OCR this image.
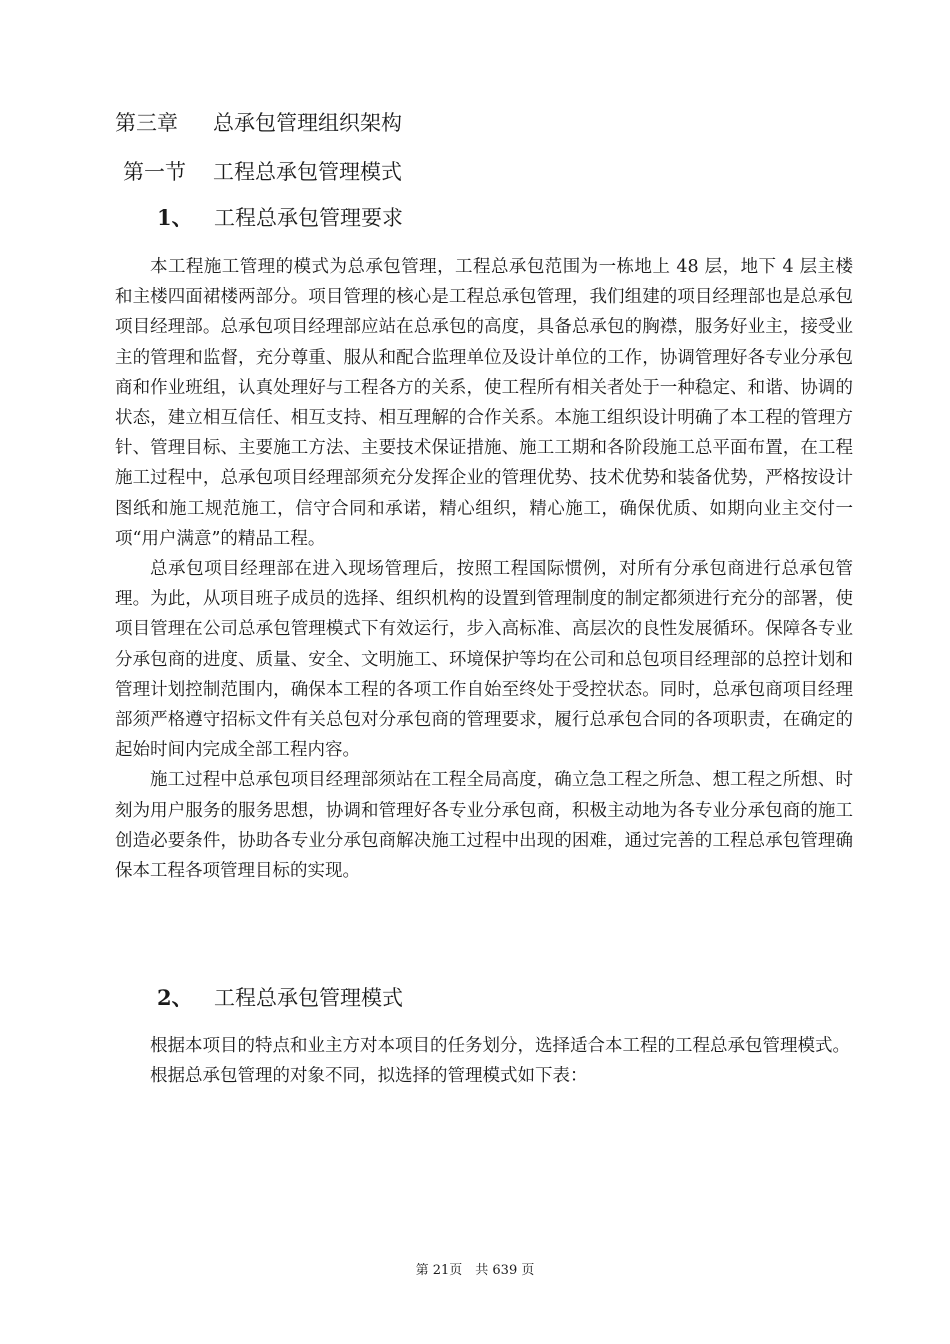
第三章 总承包管理组织架构
第一节 工程总承包管理模式
1、 工程总承包管理要求

本工程施工管理的模式为总承包管理，工程总承包范围为一栋地上 48 层，地下 4 层主楼和主楼四面裙楼两部分。项目管理的核心是工程总承包管理，我们组建的项目经理部也是总承包项目经理部。总承包项目经理部应站在总承包的高度，具备总承包的胸襟，服务好业主，接受业主的管理和监督，充分尊重、服从和配合监理单位及设计单位的工作，协调管理好各专业分承包商和作业班组，认真处理好与工程各方的关系，使工程所有相关者处于一种稳定、和谐、协调的状态，建立相互信任、相互支持、相互理解的合作关系。本施工组织设计明确了本工程的管理方针、管理目标、主要施工方法、主要技术保证措施、施工工期和各阶段施工总平面布置，在工程施工过程中，总承包项目经理部须充分发挥企业的管理优势、技术优势和装备优势，严格按设计图纸和施工规范施工，信守合同和承诺，精心组织，精心施工，确保优质、如期向业主交付一项“用户满意”的精品工程。

总承包项目经理部在进入现场管理后，按照工程国际惯例，对所有分承包商进行总承包管理。为此，从项目班子成员的选择、组织机构的设置到管理制度的制定都须进行充分的部署，使项目管理在公司总承包管理模式下有效运行，步入高标准、高层次的良性发展循环。保障各专业分承包商的进度、质量、安全、文明施工、环境保护等均在公司和总包项目经理部的总控计划和管理计划控制范围内，确保本工程的各项工作自始至终处于受控状态。同时，总承包商项目经理部须严格遵守招标文件有关总包对分承包商的管理要求，履行总承包合同的各项职责，在确定的起始时间内完成全部工程内容。

施工过程中总承包项目经理部须站在工程全局高度，确立急工程之所急、想工程之所想、时刻为用户服务的服务思想，协调和管理好各专业分承包商，积极主动地为各专业分承包商的施工创造必要条件，协助各专业分承包商解决施工过程中出现的困难，通过完善的工程总承包管理确保本工程各项管理目标的实现。

2、 工程总承包管理模式

根据本项目的特点和业主方对本项目的任务划分，选择适合本工程的工程总承包管理模式。

根据总承包管理的对象不同，拟选择的管理模式如下表：

第 21页　共 639 页
